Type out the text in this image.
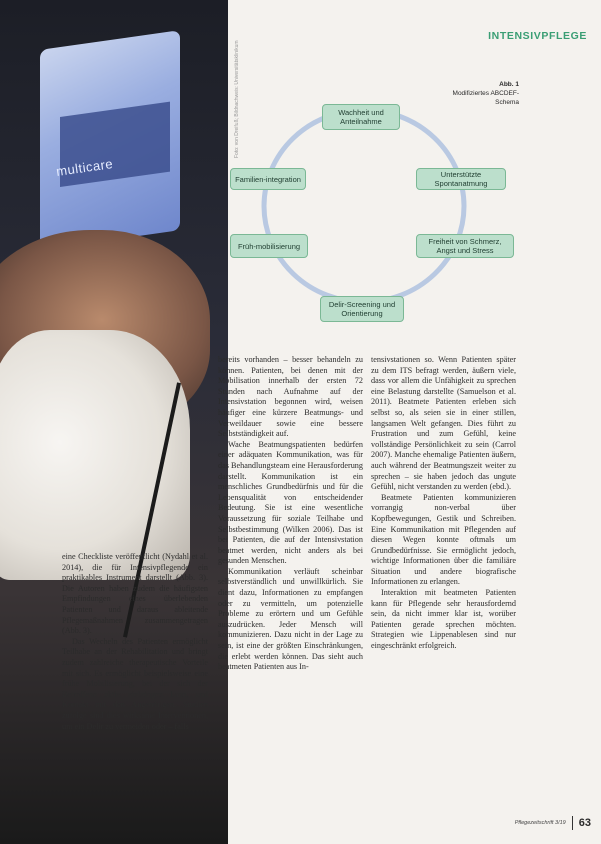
multicare
Foto: von Dreifuß; Bildnachweis: Universitätsklinikum
INTENSIVPFLEGE
Abb. 1
Modifiziertes ABCDEF-Schema
Wachheit und Anteilnahme
Unterstützte Spontanatmung
Freiheit von Schmerz, Angst und Stress
Delir-Screening und Orientierung
Früh-mobilisierung
Familien-integration

eine Checkliste veröffentlicht (Nydahl et al. 2014), die für Intensivpflegende ein praktikables Instrument darstellt (Abb. 3). Die Autoren haben zudem die häufigsten Empfindungen eines überlebenden Patienten und daraus ableitende Pflegemaßnahmen zusammengetragen (Abb. 3).

Das Wecheln des Patienten ermöglicht Teilhabe an der Rehabilitation und bringt zudem zahlreiche therapeutische Vorteile mit sich. Es ermöglicht beispielsweise eine frühe Mobilisierung, bei der sich der Betroffene aktiv einbringen kann, und Kontakt mit den Angehörigen. Studien zufolge sind dies wirksame Interventionen, um ein Delir zu vermeiden oder – falls

bereits vorhanden – besser behandeln zu können. Patienten, bei denen mit der Mobilisation innerhalb der ersten 72 Stunden nach Aufnahme auf der Intensivstation begonnen wird, weisen häufiger eine kürzere Beatmungs- und Verweildauer sowie eine bessere Selbstständigkeit auf.

Wache Beatmungspatienten bedürfen einer adäquaten Kommunikation, was für das Behandlungsteam eine Herausforderung darstellt. Kommunikation ist ein menschliches Grundbedürfnis und für die Lebensqualität von entscheidender Bedeutung. Sie ist eine wesentliche Voraussetzung für soziale Teilhabe und Selbstbestimmung (Wilken 2006). Das ist bei Patienten, die auf der Intensivstation beatmet werden, nicht anders als bei gesunden Menschen.

Kommunikation verläuft scheinbar selbstverständlich und unwillkürlich. Sie dient dazu, Informationen zu empfangen oder zu vermitteln, um potenzielle Probleme zu erörtern und um Gefühle auszudrücken. Jeder Mensch will kommunizieren. Dazu nicht in der Lage zu sein, ist eine der größten Einschränkungen, die erlebt werden können. Das sieht auch beatmeten Patienten aus In-

tensivstationen so. Wenn Patienten später zu dem ITS befragt werden, äußern viele, dass vor allem die Unfähigkeit zu sprechen eine Belastung darstellte (Samuelson et al. 2011). Beatmete Patienten erleben sich selbst so, als seien sie in einer stillen, langsamen Welt gefangen. Dies führt zu Frustration und zum Gefühl, keine vollständige Persönlichkeit zu sein (Carrol 2007). Manche ehemalige Patienten äußern, auch während der Beatmungszeit weiter zu sprechen – sie haben jedoch das ungute Gefühl, nicht verstanden zu werden (ebd.).

Beatmete Patienten kommunizieren vorrangig non-verbal über Kopfbewegungen, Gestik und Schreiben. Eine Kommunikation mit Pflegenden auf diesen Wegen konnte oftmals um Grundbedürfnisse. Sie ermöglicht jedoch, wichtige Informationen über die familiäre Situation und andere biografische Informationen zu erlangen.

Interaktion mit beatmeten Patienten kann für Pflegende sehr herausfordernd sein, da nicht immer klar ist, worüber Patienten gerade sprechen möchten. Strategien wie Lippenablesen sind nur eingeschränkt erfolgreich.

Pflegezeitschrift 3/19 63
